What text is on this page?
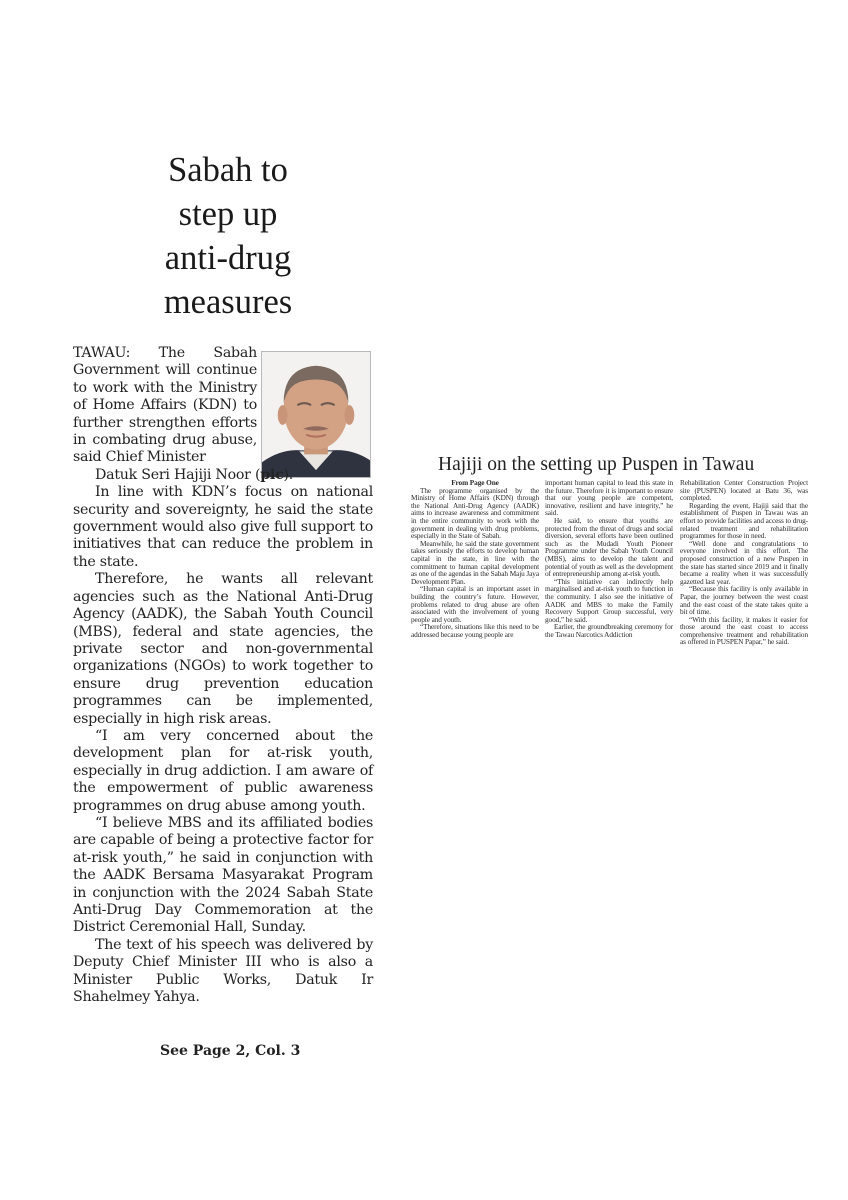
Sabah to
step up
anti-drug
measures

TAWAU: The Sabah Government will continue to work with the Ministry of Home Affairs (KDN) to further strengthen efforts in combating drug abuse, said Chief Minister

Datuk Seri Hajiji Noor (pic).

In line with KDN’s focus on national security and sovereignty, he said the state government would also give full support to initiatives that can reduce the problem in the state.

Therefore, he wants all relevant agencies such as the National Anti-Drug Agency (AADK), the Sabah Youth Council (MBS), federal and state agencies, the private sector and non-governmental organizations (NGOs) to work together to ensure drug prevention education programmes can be implemented, especially in high risk areas.

“I am very concerned about the development plan for at-risk youth, especially in drug addiction. I am aware of the empowerment of public awareness programmes on drug abuse among youth.

“I believe MBS and its affiliated bodies are capable of being a protective factor for at-risk youth,” he said in conjunction with the AADK Bersama Masyarakat Program in conjunction with the 2024 Sabah State Anti-Drug Day Commemoration at the District Ceremonial Hall, Sunday.

The text of his speech was delivered by Deputy Chief Minister III who is also a Minister Public Works, Datuk Ir Shahelmey Yahya.

See Page 2, Col. 3
Hajiji on the setting up Puspen in Tawau

From Page One

The programme organised by the Ministry of Home Affairs (KDN) through the National Anti-Drug Agency (AADK) aims to increase awareness and commitment in the entire community to work with the government in dealing with drug problems, especially in the State of Sabah.

Meanwhile, he said the state government takes seriously the efforts to develop human capital in the state, in line with the commitment to human capital development as one of the agendas in the Sabah Maju Jaya Development Plan.

“Human capital is an important asset in building the country’s future. However, problems related to drug abuse are often associated with the involvement of young people and youth.

“Therefore, situations like this need to be addressed because young people are

important human capital to lead this state in the future. Therefore it is important to ensure that our young people are competent, innovative, resilient and have integrity,” he said.

He said, to ensure that youths are protected from the threat of drugs and social diversion, several efforts have been outlined such as the Mudadi Youth Pioneer Programme under the Sabah Youth Council (MBS), aims to develop the talent and potential of youth as well as the development of entrepreneurship among at-risk youth.

“This initiative can indirectly help marginalised and at-risk youth to function in the community. I also see the initiative of AADK and MBS to make the Family Recovery Support Group successful, very good,” he said.

Earlier, the groundbreaking ceremony for the Tawau Narcotics Addiction

Rehabilitation Center Construction Project site (PUSPEN) located at Batu 36, was completed.

Regarding the event, Hajiji said that the establishment of Puspen in Tawau was an effort to provide facilities and access to drug-related treatment and rehabilitation programmes for those in need.

“Well done and congratulations to everyone involved in this effort. The proposed construction of a new Puspen in the state has started since 2019 and it finally became a reality when it was successfully gazetted last year.

“Because this facility is only available in Papar, the journey between the west coast and the east coast of the state takes quite a bit of time.

“With this facility, it makes it easier for those around the east coast to access comprehensive treatment and rehabilitation as offered in PUSPEN Papar,” he said.
